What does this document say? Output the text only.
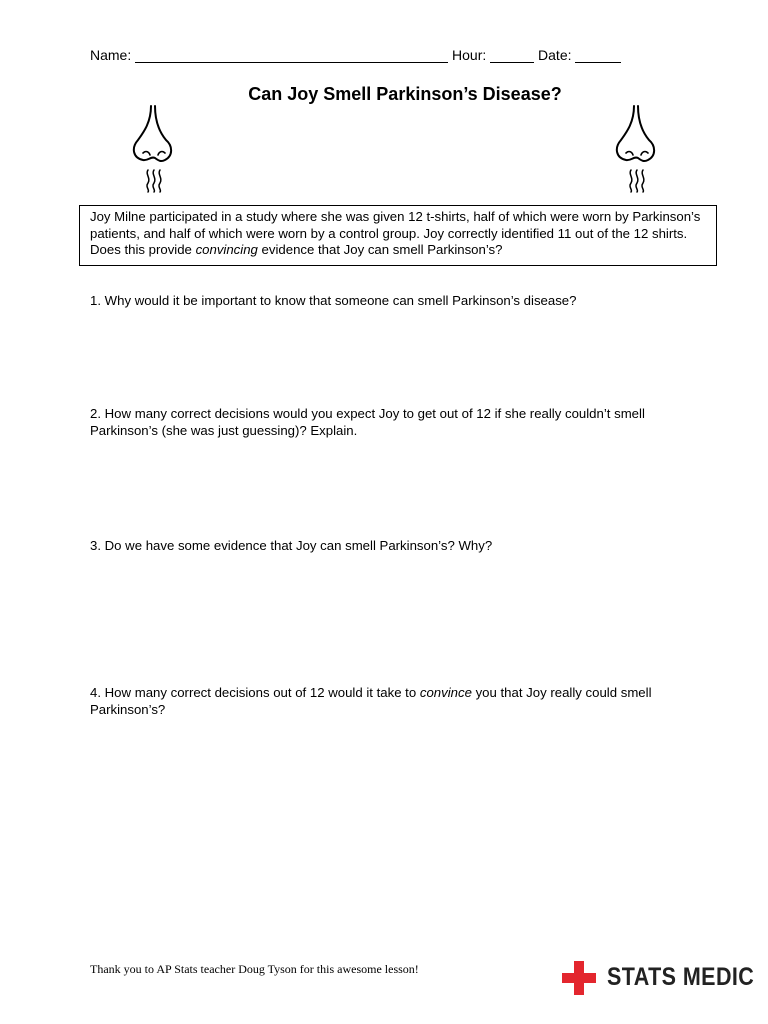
Name:	Hour:	Date:
Can Joy Smell Parkinson’s Disease?
Joy Milne participated in a study where she was given 12 t-shirts, half of which were worn by Parkinson’s patients, and half of which were worn by a control group. Joy correctly identified 11 out of the 12 shirts. Does this provide convincing evidence that Joy can smell Parkinson’s?
1. Why would it be important to know that someone can smell Parkinson’s disease?
2. How many correct decisions would you expect Joy to get out of 12 if she really couldn’t smell Parkinson’s (she was just guessing)? Explain.
3. Do we have some evidence that Joy can smell Parkinson’s? Why?
4. How many correct decisions out of 12 would it take to convince you that Joy really could smell Parkinson’s?
Thank you to AP Stats teacher Doug Tyson for this awesome lesson!	STATS MEDIC
